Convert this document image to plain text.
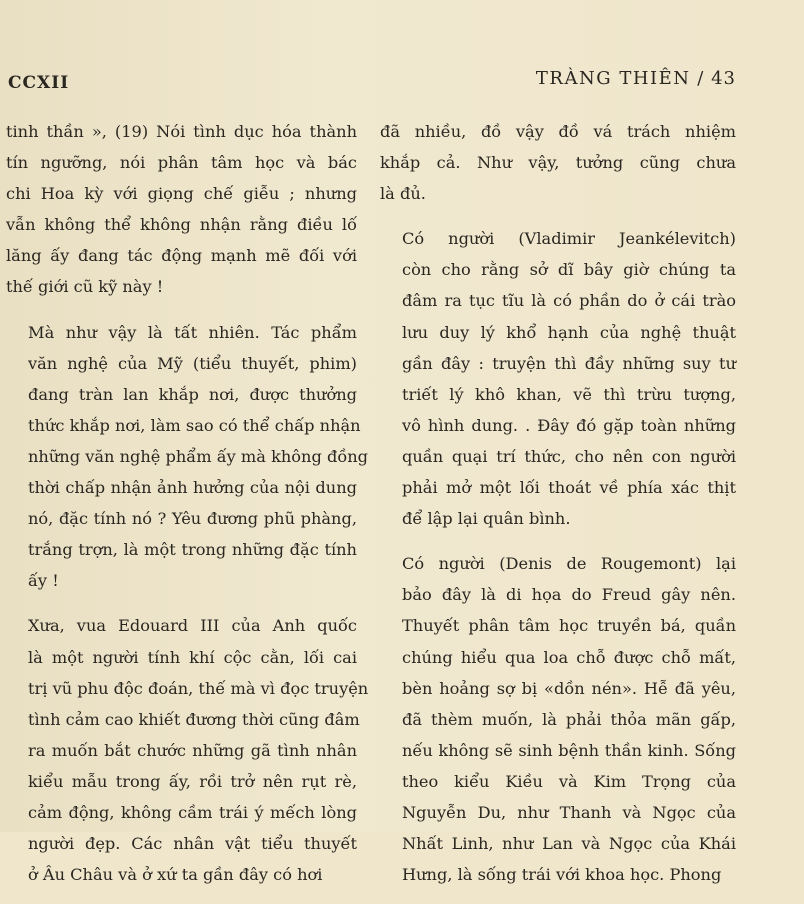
CCXII	TRÀNG THIÊN / 43

tinh thần », (19) Nói tình dục hóa thành
tín ngưỡng, nói phân tâm học và bác
chi Hoa kỳ với giọng chế giễu ; nhưng
vẫn không thể không nhận rằng điều lố
lăng ấy đang tác động mạnh mẽ đối với
thế giới cũ kỹ này !

Mà như vậy là tất nhiên. Tác phẩm
văn nghệ của Mỹ (tiểu thuyết, phim)
đang tràn lan khắp nơi, được thưởng
thức khắp nơi, làm sao có thể chấp nhận
những văn nghệ phẩm ấy mà không đồng
thời chấp nhận ảnh hưởng của nội dung
nó, đặc tính nó ? Yêu đương phũ phàng,
trắng trợn, là một trong những đặc tính
ấy !

Xưa, vua Edouard III của Anh quốc
là một người tính khí cộc cằn, lối cai
trị vũ phu độc đoán, thế mà vì đọc truyện
tình cảm cao khiết đương thời cũng đâm
ra muốn bắt chước những gã tình nhân
kiểu mẫu trong ấy, rồi trở nên rụt rè,
cảm động, không cầm trái ý mếch lòng
người đẹp. Các nhân vật tiểu thuyết
ở Âu Châu và ở xứ ta gần đây có hơi

đã nhiều, đồ vậy đồ vá trách nhiệm
khắp cả. Như vậy, tưởng cũng chưa
là đủ.

Có người (Vladimir Jeankélevitch)
còn cho rằng sở dĩ bây giờ chúng ta
đâm ra tục tĩu là có phần do ở cái trào
lưu duy lý khổ hạnh của nghệ thuật
gần đây : truyện thì đầy những suy tư
triết lý khô khan, vẽ thì trừu tượng,
vô hình dung. . Đây đó gặp toàn những
quần quại trí thức, cho nên con người
phải mở một lối thoát về phía xác thịt
để lập lại quân bình.

Có người (Denis de Rougemont) lại
bảo đây là di họa do Freud gây nên.
Thuyết phân tâm học truyền bá, quần
chúng hiểu qua loa chỗ được chỗ mất,
bèn hoảng sợ bị «dồn nén». Hễ đã yêu,
đã thèm muốn, là phải thỏa mãn gấp,
nếu không sẽ sinh bệnh thần kinh. Sống
theo kiểu Kiều và Kim Trọng của
Nguyễn Du, như Thanh và Ngọc của
Nhất Linh, như Lan và Ngọc của Khái
Hưng, là sống trái với khoa học. Phong
